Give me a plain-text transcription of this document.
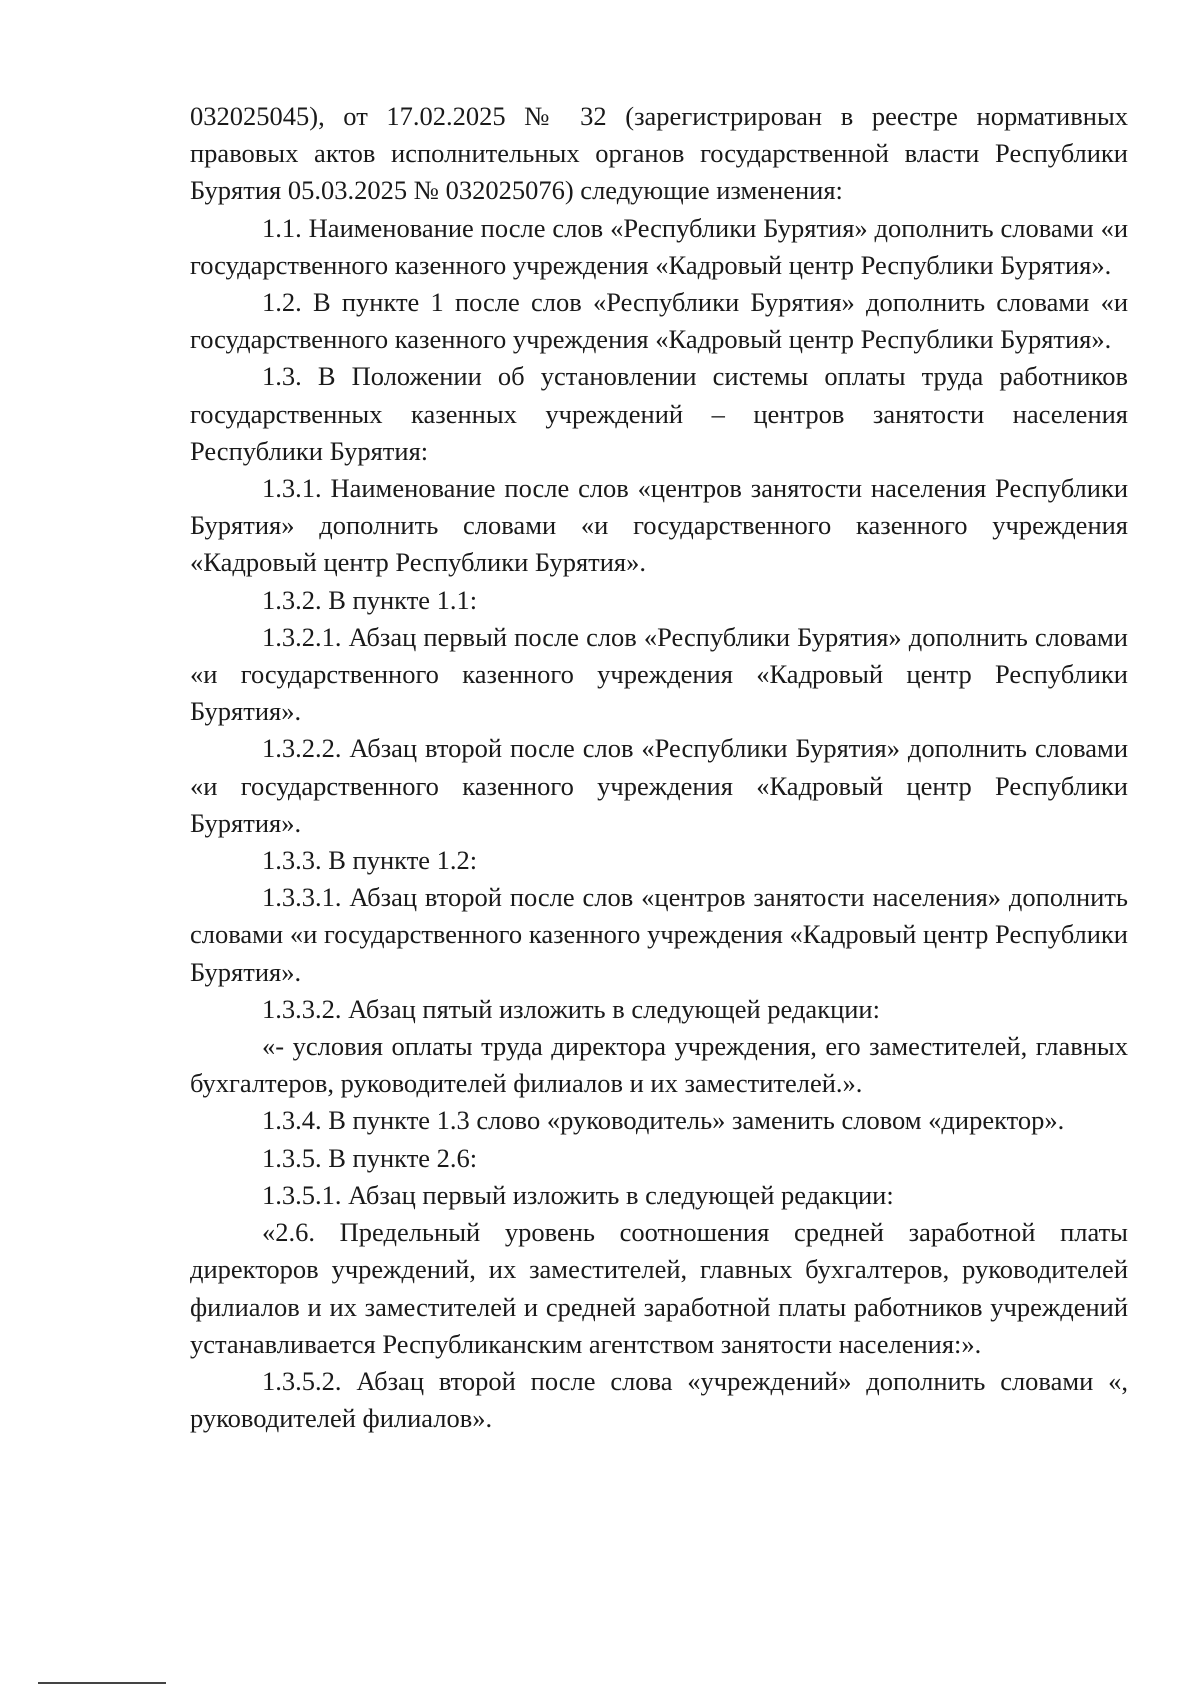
032025045), от 17.02.2025 № 32 (зарегистрирован в реестре нормативных правовых актов исполнительных органов государственной власти Республики Бурятия 05.03.2025 № 032025076) следующие изменения:

1.1. Наименование после слов «Республики Бурятия» дополнить словами «и государственного казенного учреждения «Кадровый центр Республики Бурятия».

1.2. В пункте 1 после слов «Республики Бурятия» дополнить словами «и государственного казенного учреждения «Кадровый центр Республики Бурятия».

1.3. В Положении об установлении системы оплаты труда работников государственных казенных учреждений – центров занятости населения Республики Бурятия:

1.3.1. Наименование после слов «центров занятости населения Республики Бурятия» дополнить словами «и государственного казенного учреждения «Кадровый центр Республики Бурятия».

1.3.2. В пункте 1.1:

1.3.2.1. Абзац первый после слов «Республики Бурятия» дополнить словами «и государственного казенного учреждения «Кадровый центр Республики Бурятия».

1.3.2.2. Абзац второй после слов «Республики Бурятия» дополнить словами «и государственного казенного учреждения «Кадровый центр Республики Бурятия».

1.3.3. В пункте 1.2:

1.3.3.1. Абзац второй после слов «центров занятости населения» дополнить словами «и государственного казенного учреждения «Кадровый центр Республики Бурятия».

1.3.3.2. Абзац пятый изложить в следующей редакции:

«- условия оплаты труда директора учреждения, его заместителей, главных бухгалтеров, руководителей филиалов и их заместителей.».

1.3.4. В пункте 1.3 слово «руководитель» заменить словом «директор».

1.3.5. В пункте 2.6:

1.3.5.1. Абзац первый изложить в следующей редакции:

«2.6. Предельный уровень соотношения средней заработной платы директоров учреждений, их заместителей, главных бухгалтеров, руководителей филиалов и их заместителей и средней заработной платы работников учреждений устанавливается Республиканским агентством занятости населения:».

1.3.5.2. Абзац второй после слова «учреждений» дополнить словами «, руководителей филиалов».
